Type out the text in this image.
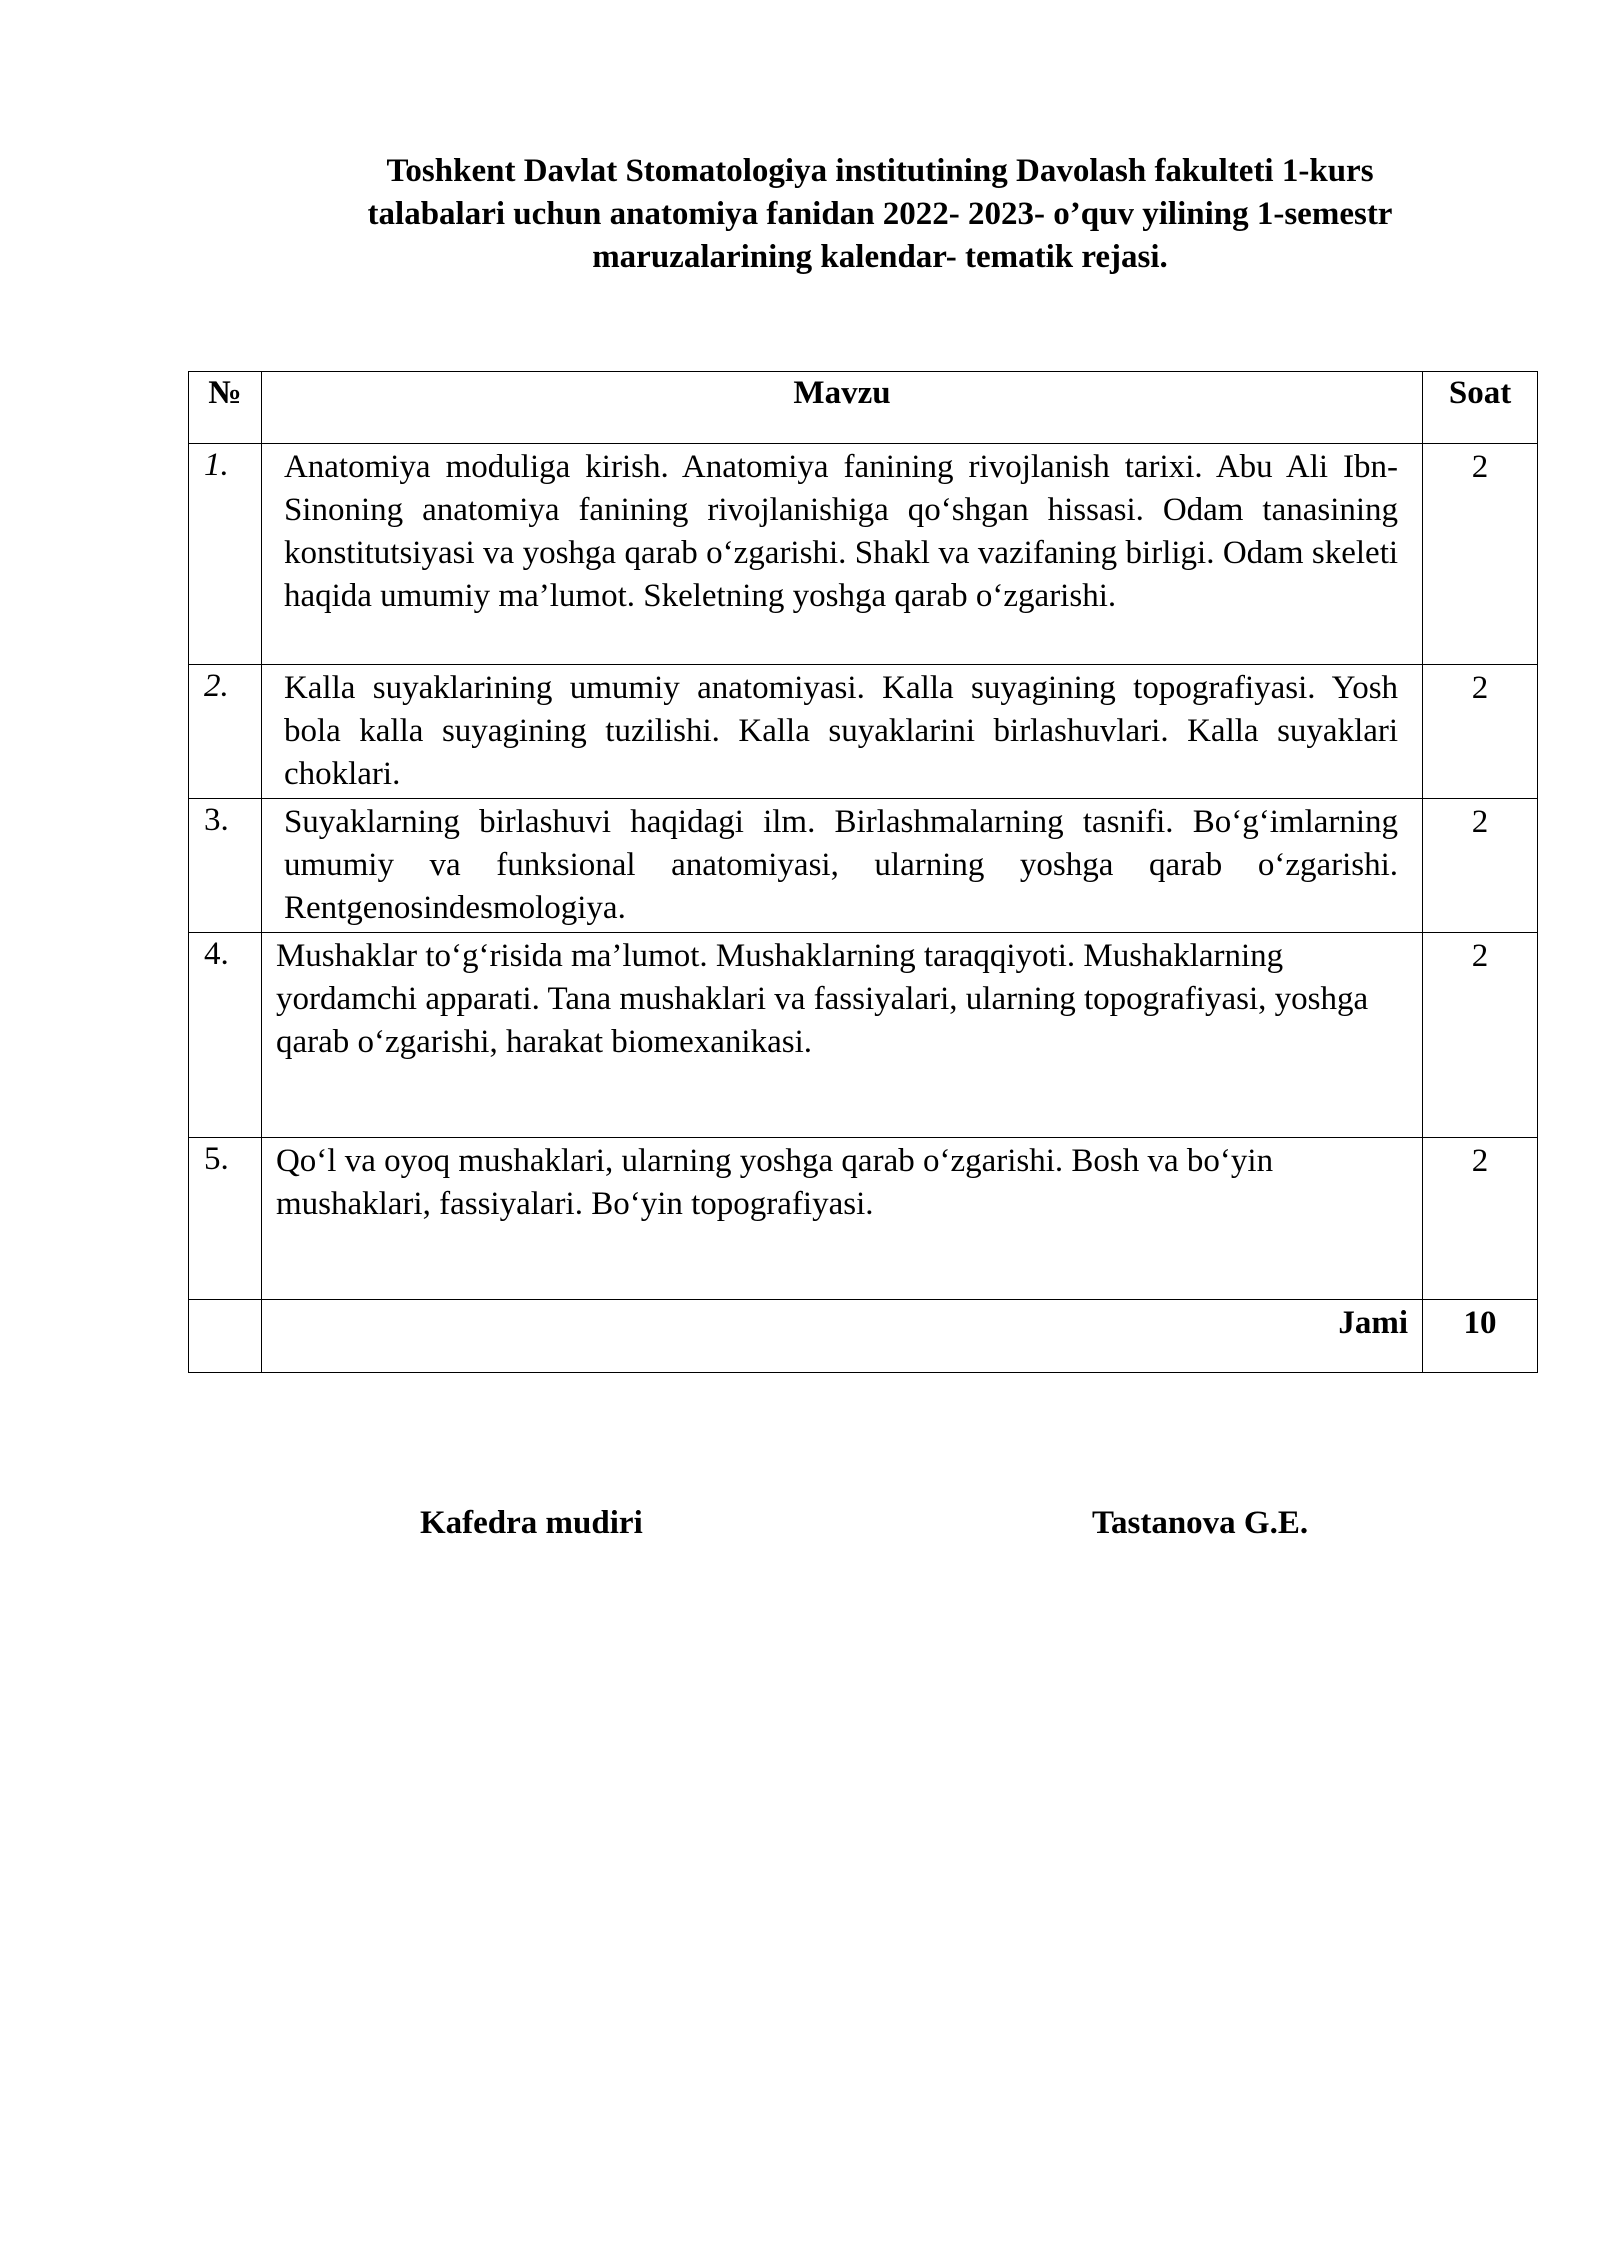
Toshkent Davlat Stomatologiya institutining Davolash fakulteti 1-kurs
talabalari uchun anatomiya fanidan 2022- 2023- o’quv yilining 1-semestr
maruzalarining kalendar- tematik rejasi.
№	Mavzu	Soat
1.	Anatomiya moduliga kirish. Anatomiya fanining rivojlanish tarixi. Abu Ali Ibn-Sinoning anatomiya fanining rivojlanishiga qo‘shgan hissasi. Odam tanasining konstitutsiyasi va yoshga qarab o‘zgarishi. Shakl va vazifaning birligi. Odam skeleti haqida umumiy ma’lumot. Skeletning yoshga qarab o‘zgarishi.	2
2.	Kalla suyaklarining umumiy anatomiyasi. Kalla suyagining topografiyasi. Yosh bola kalla suyagining tuzilishi. Kalla suyaklarini birlashuvlari. Kalla suyaklari choklari.	2
3.	Suyaklarning birlashuvi haqidagi ilm. Birlashmalarning tasnifi. Bo‘g‘imlarning umumiy va funksional anatomiyasi, ularning yoshga qarab o‘zgarishi. Rentgenosindesmologiya.	2
4.	Mushaklar to‘g‘risida ma’lumot. Mushaklarning taraqqiyoti. Mushaklarning yordamchi apparati. Tana mushaklari va fassiyalari, ularning topografiyasi, yoshga qarab o‘zgarishi, harakat biomexanikasi.	2
5.	Qo‘l va oyoq mushaklari, ularning yoshga qarab o‘zgarishi. Bosh va bo‘yin mushaklari, fassiyalari. Bo‘yin topografiyasi.	2
	Jami	10
Kafedra mudiri	Tastanova G.E.
